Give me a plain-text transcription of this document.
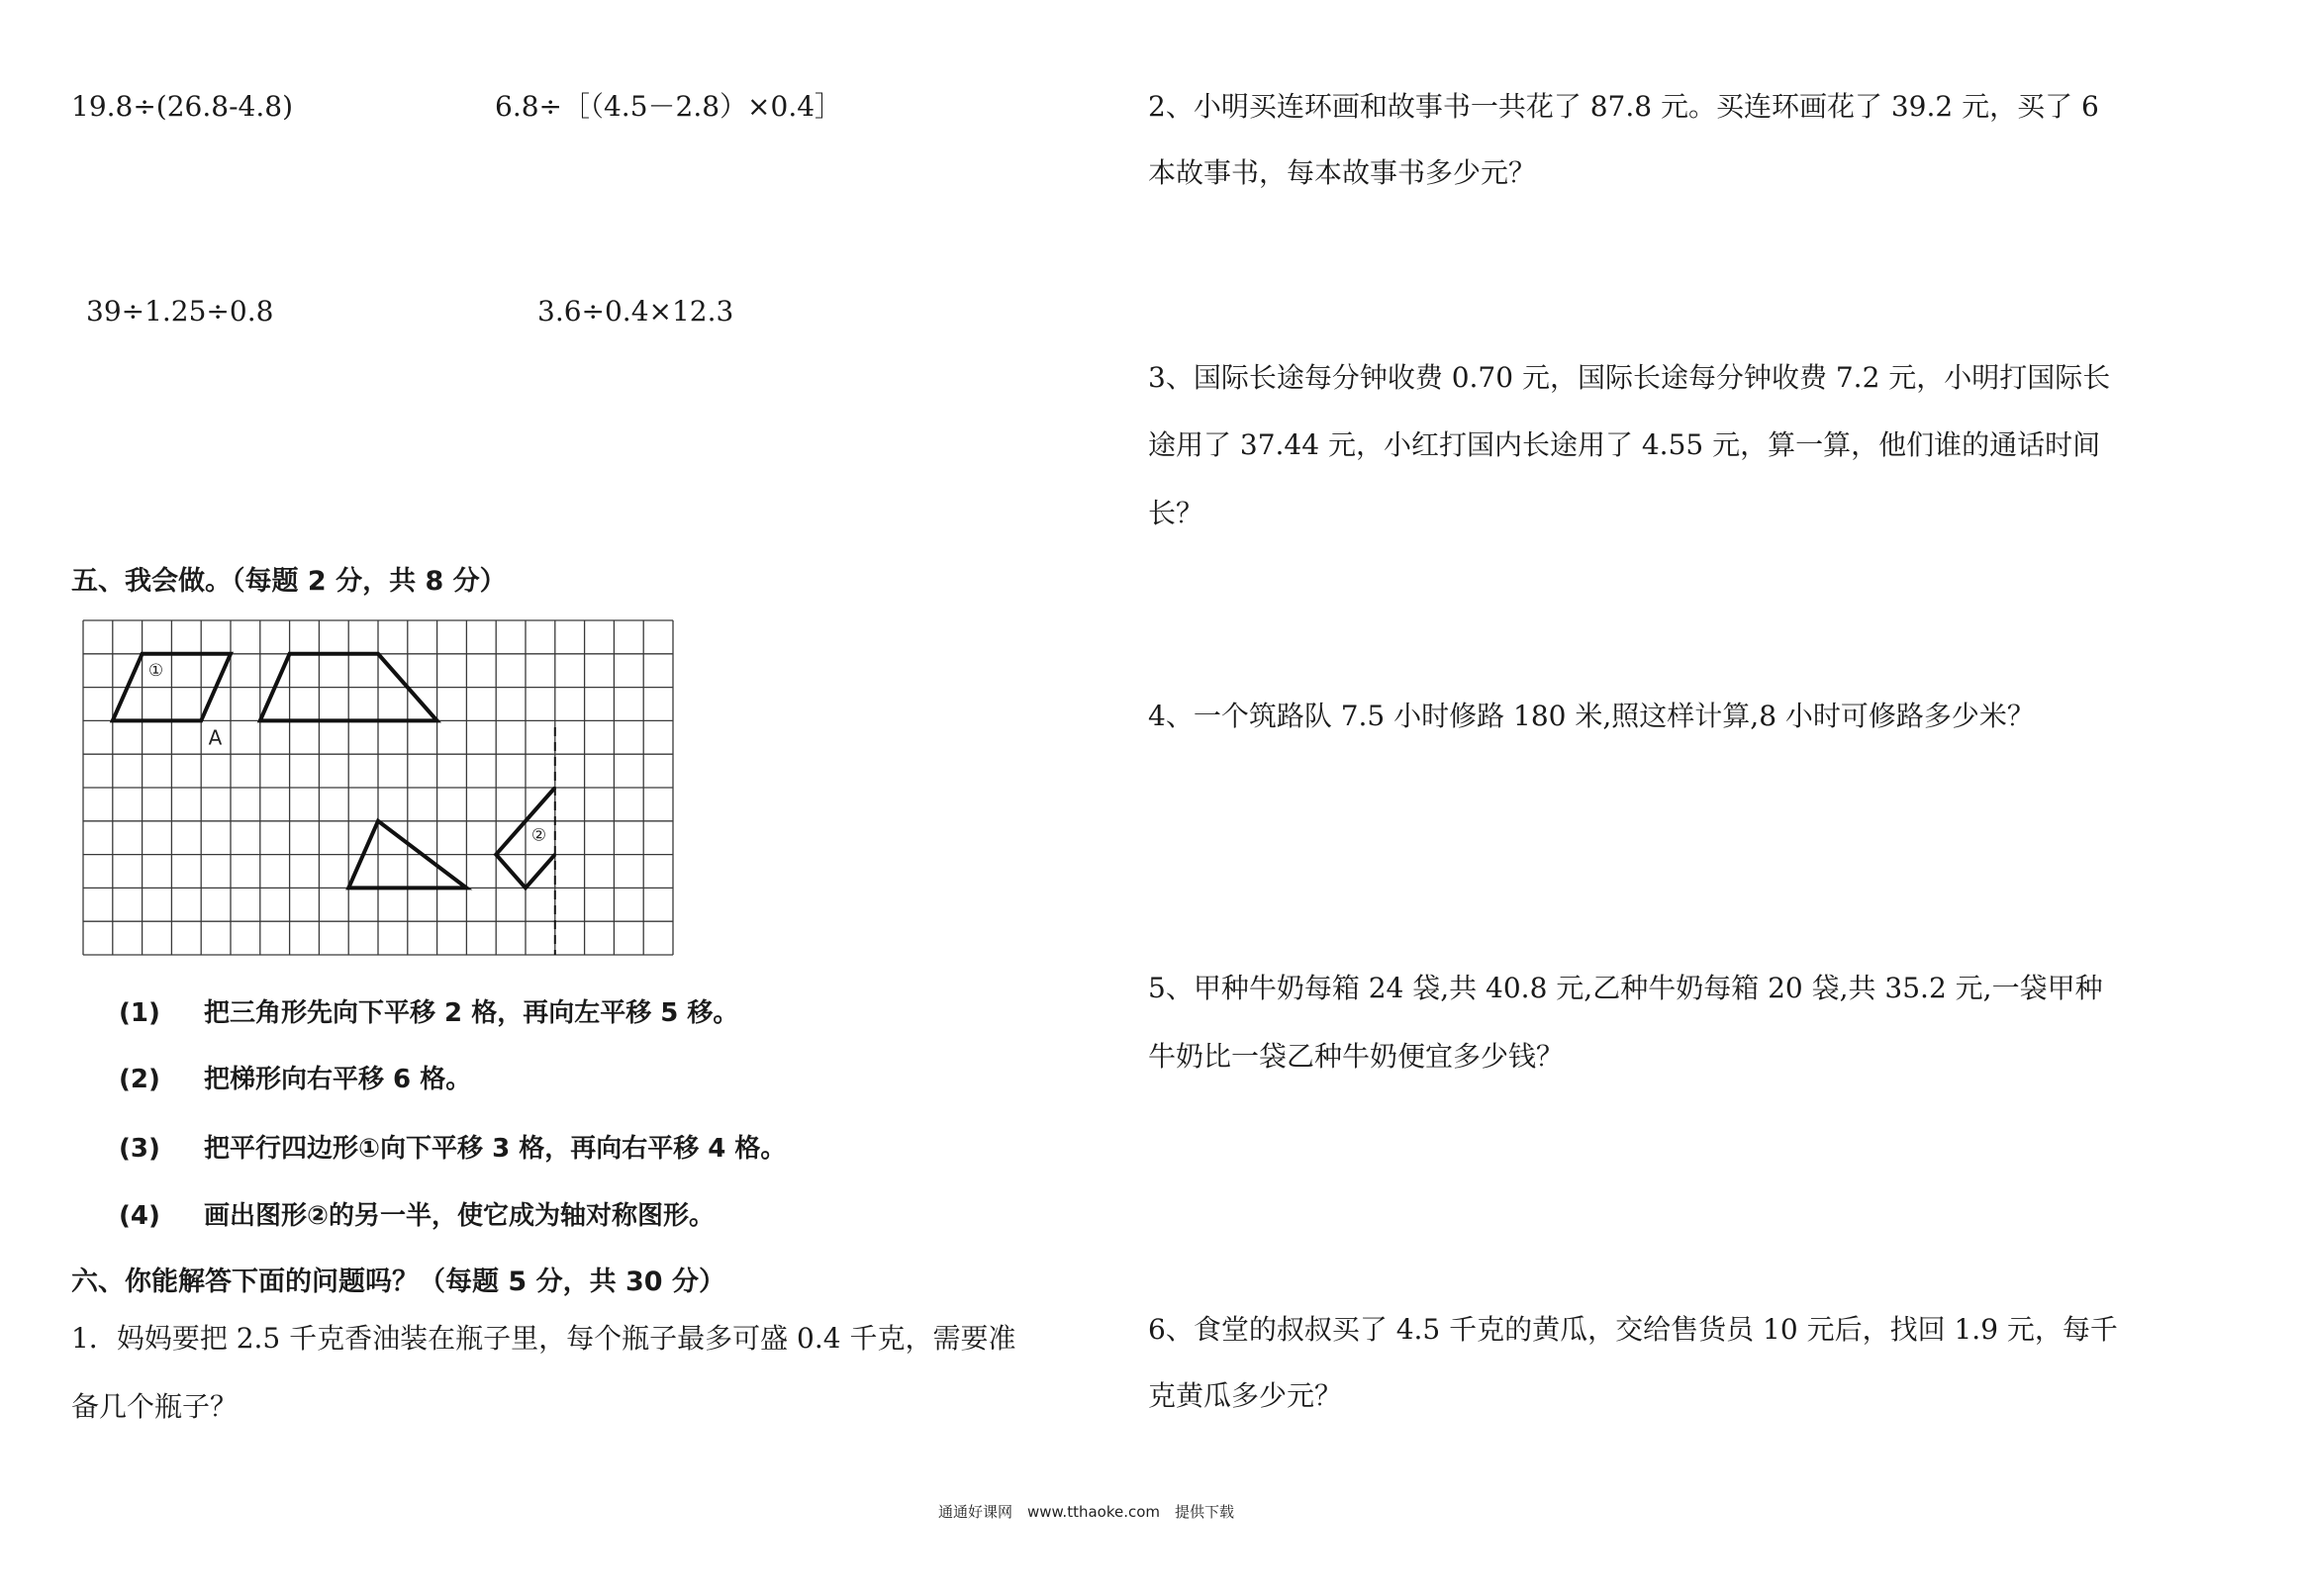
19.8÷(26.8-4.8)	6.8÷［（4.5－2.8）×0.4］
39÷1.25÷0.8	3.6÷0.4×12.3
五、我会做。（每题 2 分，共 8 分）
①
A
②
(1) 把三角形先向下平移 2 格，再向左平移 5 移。
(2) 把梯形向右平移 6 格。
(3) 把平行四边形①向下平移 3 格，再向右平移 4 格。
(4) 画出图形②的另一半，使它成为轴对称图形。
六、你能解答下面的问题吗？（每题 5 分，共 30 分）
1．妈妈要把 2.5 千克香油装在瓶子里，每个瓶子最多可盛 0.4 千克，需要准
备几个瓶子？
2、小明买连环画和故事书一共花了 87.8 元。买连环画花了 39.2 元，买了 6
本故事书，每本故事书多少元？
3、国际长途每分钟收费 0.70 元，国际长途每分钟收费 7.2 元，小明打国际长
途用了 37.44 元，小红打国内长途用了 4.55 元，算一算，他们谁的通话时间
长？
4、一个筑路队 7.5 小时修路 180 米,照这样计算,8 小时可修路多少米？
5、甲种牛奶每箱 24 袋,共 40.8 元,乙种牛奶每箱 20 袋,共 35.2 元,一袋甲种
牛奶比一袋乙种牛奶便宜多少钱？
6、食堂的叔叔买了 4.5 千克的黄瓜，交给售货员 10 元后，找回 1.9 元，每千
克黄瓜多少元？
通通好课网　www.tthaoke.com　提供下载
